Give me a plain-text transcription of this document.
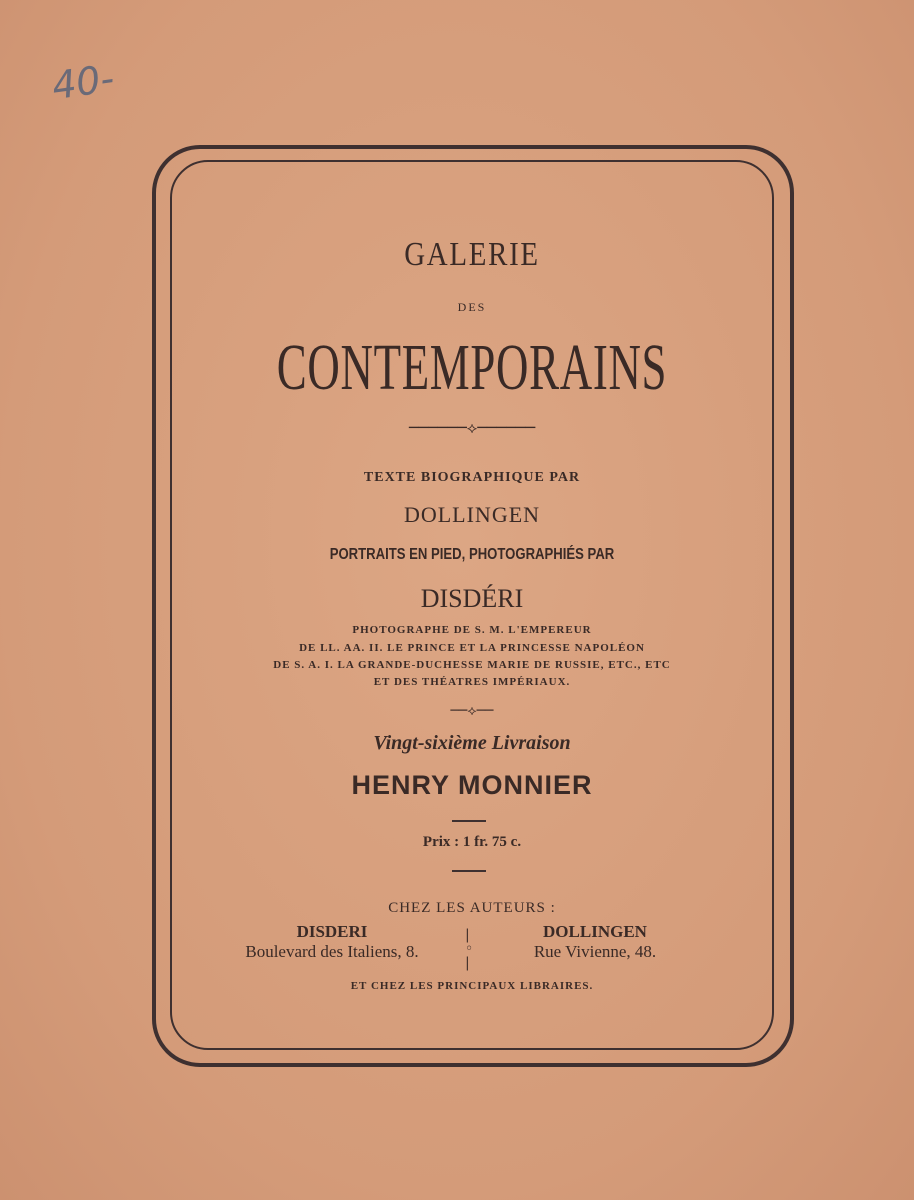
40-
GALERIE
DES
CONTEMPORAINS
──────⟡──────
TEXTE BIOGRAPHIQUE PAR
DOLLINGEN
PORTRAITS EN PIED, PHOTOGRAPHIÉS PAR
DISDÉRI
PHOTOGRAPHE DE S. M. L'EMPEREUR
DE LL. AA. II. LE PRINCE ET LA PRINCESSE NAPOLÉON
DE S. A. I. LA GRANDE-DUCHESSE MARIE DE RUSSIE, ETC., ETC
ET DES THÉATRES IMPÉRIAUX.
──⟡──
Vingt-sixième Livraison
HENRY MONNIER
Prix : 1 fr. 75 c.
CHEZ LES AUTEURS :
DISDERI
Boulevard des Italiens, 8.
|
◦
|
DOLLINGEN
Rue Vivienne, 48.
ET CHEZ LES PRINCIPAUX LIBRAIRES.
